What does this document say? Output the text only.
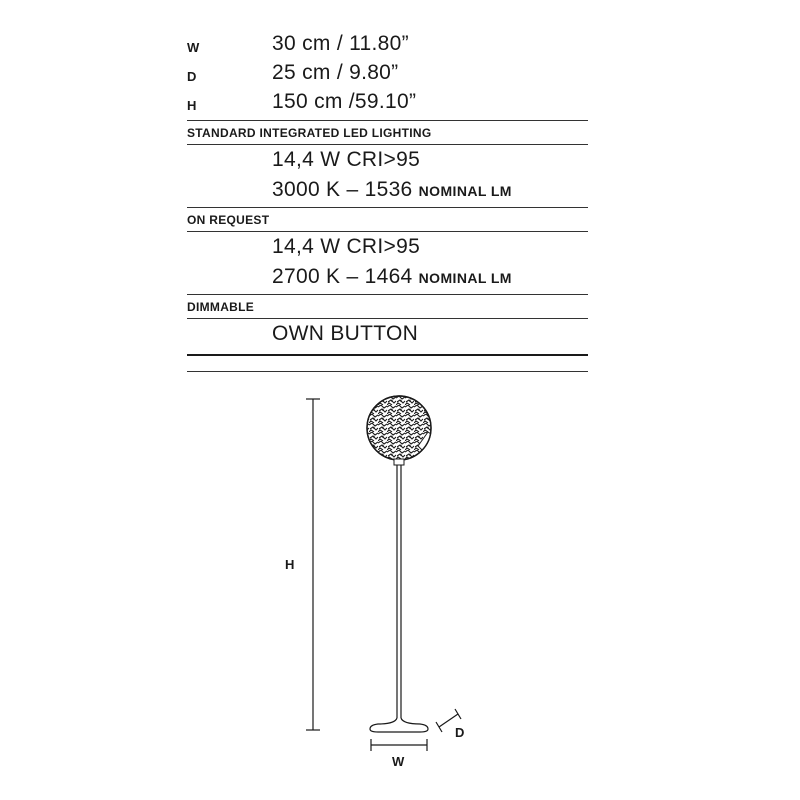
W	30 cm / 11.80”
D	25 cm / 9.80”
H	150 cm /59.10”
STANDARD INTEGRATED LED LIGHTING
14,4 W CRI>95
3000 K – 1536 NOMINAL LM
ON REQUEST
14,4 W CRI>95
2700 K – 1464 NOMINAL LM
DIMMABLE
OWN BUTTON
H
D
W
